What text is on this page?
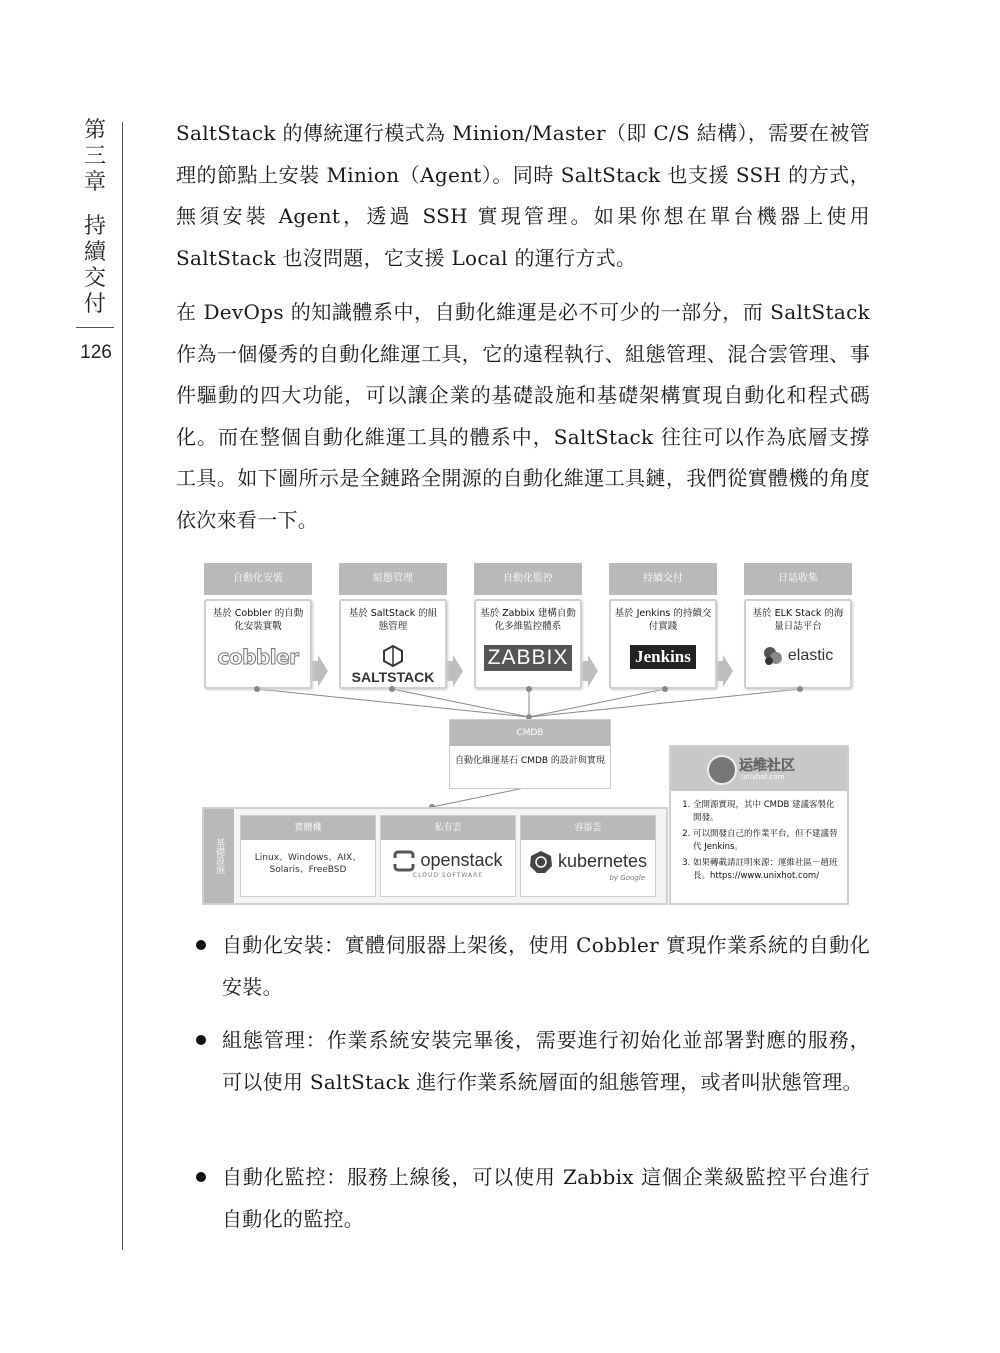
第
三
章
持
續
交
付
126

SaltStack 的傳統運行模式為 Minion/Master（即 C/S 結構），需要在被管理的節點上安裝 Minion（Agent）。同時 SaltStack 也支援 SSH 的方式，無須安裝 Agent，透過 SSH 實現管理。如果你想在單台機器上使用 SaltStack 也沒問題，它支援 Local 的運行方式。

在 DevOps 的知識體系中，自動化維運是必不可少的一部分，而 SaltStack 作為一個優秀的自動化維運工具，它的遠程執行、組態管理、混合雲管理、事件驅動的四大功能，可以讓企業的基礎設施和基礎架構實現自動化和程式碼化。而在整個自動化維運工具的體系中，SaltStack 往往可以作為底層支撐工具。如下圖所示是全鏈路全開源的自動化維運工具鏈，我們從實體機的角度依次來看一下。

自動化安裝
基於 Cobbler 的自動化安裝實戰
cobbler
組態管理
基於 SaltStack 的組態管理
SALTSTACK
自動化監控
基於 Zabbix 建構自動化多維監控體系
ZABBIX
持續交付
基於 Jenkins 的持續交付實踐
Jenkins
日誌收集
基於 ELK Stack 的海量日誌平台
elastic
CMDB
自動化維運基石 CMDB 的設計與實現
基礎設施
實體機
Linux、Windows、AIX、Solaris、FreeBSD
私有雲
openstack
CLOUD SOFTWARE
容器雲
kubernetes
by Google
运维社区
unixhot.com
1. 全開源實現，其中 CMDB 建議客製化開發。
2. 可以開發自己的作業平台，但不建議替代 Jenkins。
3. 如果轉載請註明來源：運維社區－趙班長。https://www.unixhot.com/
自動化安裝：實體伺服器上架後，使用 Cobbler 實現作業系統的自動化安裝。
組態管理：作業系統安裝完畢後，需要進行初始化並部署對應的服務，可以使用 SaltStack 進行作業系統層面的組態管理，或者叫狀態管理。
自動化監控：服務上線後，可以使用 Zabbix 這個企業級監控平台進行自動化的監控。
